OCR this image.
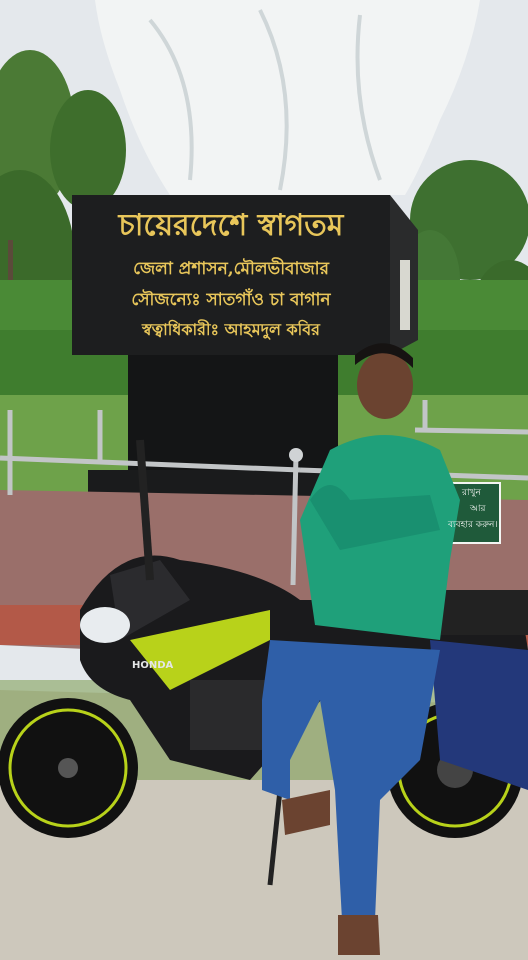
চায়েরদেশে স্বাগতম
জেলা প্রশাসন,মৌলভীবাজার
সৌজন্যেঃ সাতগাঁও চা বাগান
স্বত্বাধিকারীঃ আহমদুল কবির
রাখুন
আর
ব্যবহার করুন।
HONDA
